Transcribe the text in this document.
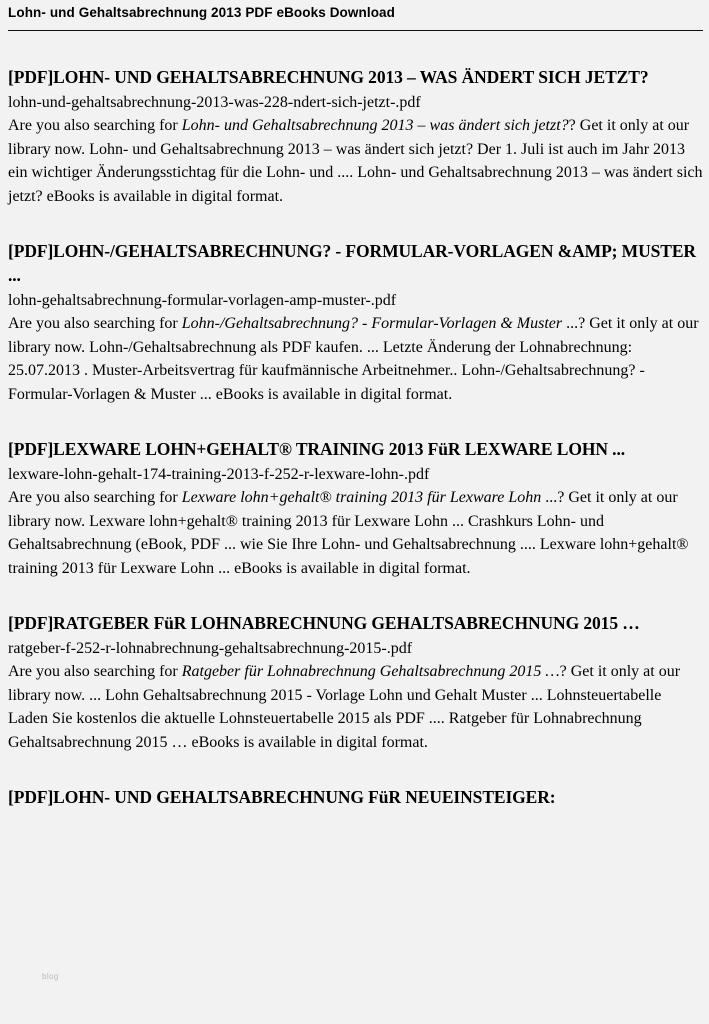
Lohn- und Gehaltsabrechnung 2013 PDF eBooks Download
[PDF]LOHN- UND GEHALTSABRECHNUNG 2013 – WAS ÄNDERT SICH JETZT?
lohn-und-gehaltsabrechnung-2013-was-228-ndert-sich-jetzt-.pdf

Are you also searching for Lohn- und Gehaltsabrechnung 2013 – was ändert sich jetzt?? Get it only at our library now. Lohn- und Gehaltsabrechnung 2013 – was ändert sich jetzt? Der 1. Juli ist auch im Jahr 2013 ein wichtiger Änderungsstichtag für die Lohn- und .... Lohn- und Gehaltsabrechnung 2013 – was ändert sich jetzt? eBooks is available in digital format.

[PDF]LOHN-/GEHALTSABRECHNUNG? - FORMULAR-VORLAGEN &AMP; MUSTER ...
lohn-gehaltsabrechnung-formular-vorlagen-amp-muster-.pdf

Are you also searching for Lohn-/Gehaltsabrechnung? - Formular-Vorlagen & Muster ...? Get it only at our library now. Lohn-/Gehaltsabrechnung als PDF kaufen. ... Letzte Änderung der Lohnabrechnung: 25.07.2013 . Muster-Arbeitsvertrag für kaufmännische Arbeitnehmer.. Lohn-/Gehaltsabrechnung? - Formular-Vorlagen & Muster ... eBooks is available in digital format.

[PDF]LEXWARE LOHN+GEHALT® TRAINING 2013 FüR LEXWARE LOHN ...
lexware-lohn-gehalt-174-training-2013-f-252-r-lexware-lohn-.pdf

Are you also searching for Lexware lohn+gehalt® training 2013 für Lexware Lohn ...? Get it only at our library now. Lexware lohn+gehalt® training 2013 für Lexware Lohn ... Crashkurs Lohn- und Gehaltsabrechnung (eBook, PDF ... wie Sie Ihre Lohn- und Gehaltsabrechnung .... Lexware lohn+gehalt® training 2013 für Lexware Lohn ... eBooks is available in digital format.

[PDF]RATGEBER FüR LOHNABRECHNUNG GEHALTSABRECHNUNG 2015 …
ratgeber-f-252-r-lohnabrechnung-gehaltsabrechnung-2015-.pdf

Are you also searching for Ratgeber für Lohnabrechnung Gehaltsabrechnung 2015 …? Get it only at our library now. ... Lohn Gehaltsabrechnung 2015 - Vorlage Lohn und Gehalt Muster ... Lohnsteuertabelle Laden Sie kostenlos die aktuelle Lohnsteuertabelle 2015 als PDF .... Ratgeber für Lohnabrechnung Gehaltsabrechnung 2015 … eBooks is available in digital format.

[PDF]LOHN- UND GEHALTSABRECHNUNG FüR NEUEINSTEIGER:
blog
